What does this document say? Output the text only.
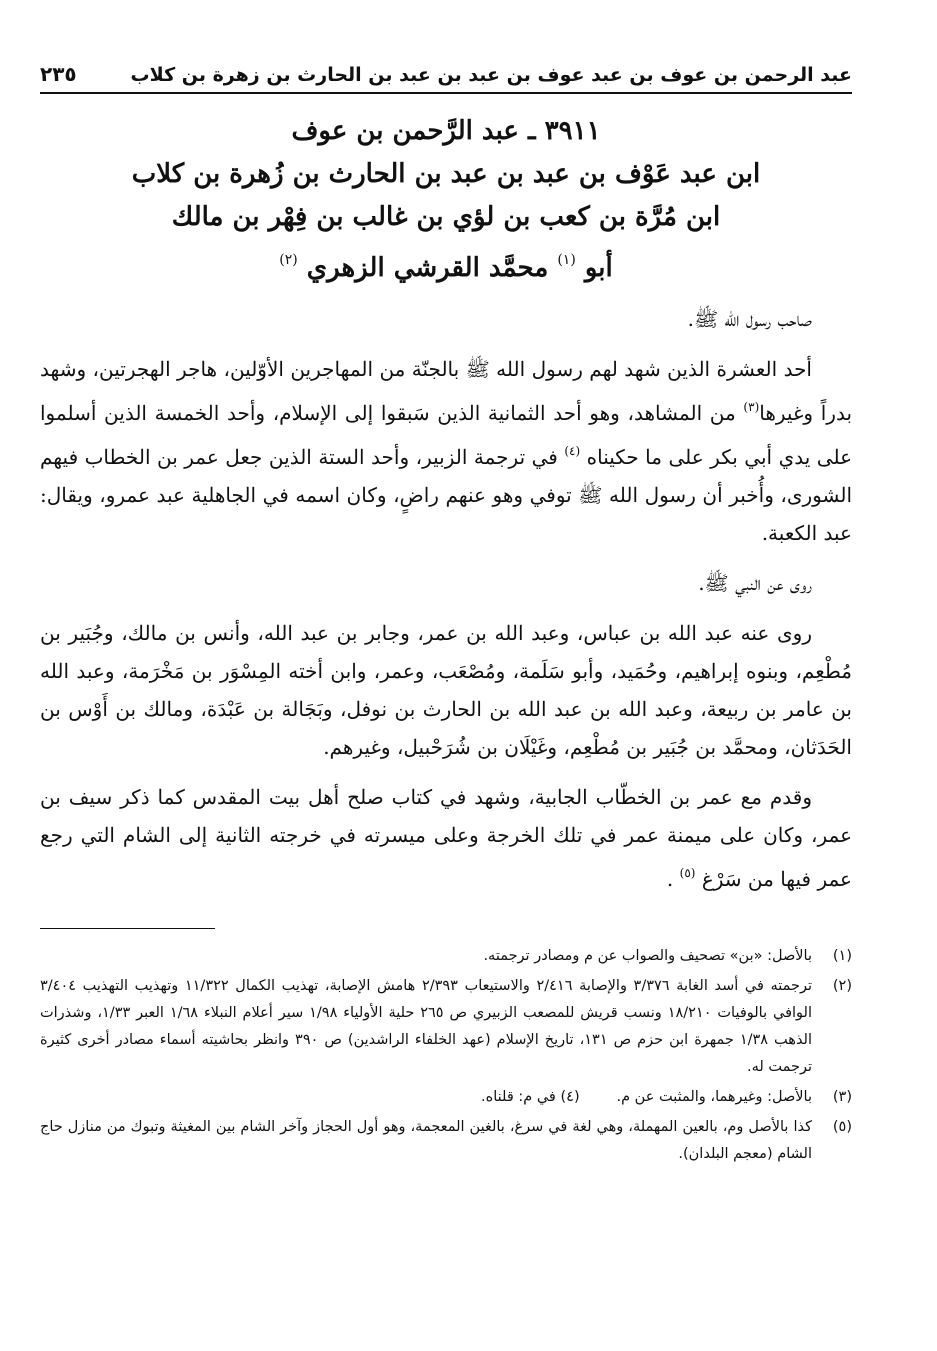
عبد الرحمن بن عوف بن عبد عوف بن عبد بن عبد بن الحارث بن زهرة بن كلاب
٢٣٥
٣٩١١ ـ عبد الرَّحمن بن عوف
ابن عبد عَوْف بن عبد بن عبد بن الحارث بن زُهرة بن كلاب
ابن مُرَّة بن كعب بن لؤي بن غالب بن فِهْر بن مالك
أبو $^{(١)}$ محمَّد القرشي الزهري $^{(٢)}$

صاحب رسول الله ﷺ.

أحد العشرة الذين شهد لهم رسول الله ﷺ بالجنّة من المهاجرين الأوّلين، هاجر الهجرتين، وشهد بدراً وغيرها$^{(٣)}$ من المشاهد، وهو أحد الثمانية الذين سَبقوا إلى الإسلام، وأحد الخمسة الذين أسلموا على يدي أبي بكر على ما حكيناه $^{(٤)}$ في ترجمة الزبير، وأحد الستة الذين جعل عمر بن الخطاب فيهم الشورى، وأُخبر أن رسول الله ﷺ توفي وهو عنهم راضٍ، وكان اسمه في الجاهلية عبد عمرو، ويقال: عبد الكعبة.

روى عن النبي ﷺ.

روى عنه عبد الله بن عباس، وعبد الله بن عمر، وجابر بن عبد الله، وأنس بن مالك، وجُبَير بن مُطْعِم، وبنوه إبراهيم، وحُمَيد، وأبو سَلَمة، ومُصْعَب، وعمر، وابن أخته المِسْوَر بن مَخْرَمة، وعبد الله بن عامر بن ربيعة، وعبد الله بن عبد الله بن الحارث بن نوفل، وبَجَالة بن عَبْدَة، ومالك بن أَوْس بن الحَدَثان، ومحمَّد بن جُبَير بن مُطْعِم، وغَيْلَان بن شُرَحْبيل، وغيرهم.

وقدم مع عمر بن الخطّاب الجابية، وشهد في كتاب صلح أهل بيت المقدس كما ذكر سيف بن عمر، وكان على ميمنة عمر في تلك الخرجة وعلى ميسرته في خرجته الثانية إلى الشام التي رجع عمر فيها من سَرْغ $^{(٥)}$ .

(١)
بالأصل: «بن» تصحيف والصواب عن م ومصادر ترجمته.
(٢)
ترجمته في أسد الغابة ٣/٣٧٦ والإصابة ٢/٤١٦ والاستيعاب ٢/٣٩٣ هامش الإصابة، تهذيب الكمال ١١/٣٢٢ وتهذيب التهذيب ٣/٤٠٤ الوافي بالوفيات ١٨/٢١٠ ونسب قريش للمصعب الزبيري ص ٢٦٥ حلية الأولياء ١/٩٨ سير أعلام النبلاء ١/٦٨ العبر ١/٣٣، وشذرات الذهب ١/٣٨ جمهرة ابن حزم ص ١٣١، تاريخ الإسلام (عهد الخلفاء الراشدين) ص ٣٩٠ وانظر بحاشيته أسماء مصادر أخرى كثيرة ترجمت له.
(٣)
بالأصل: وغيرهما، والمثبت عن م.        (٤) في م: قلناه.
(٥)
كذا بالأصل وم، بالعين المهملة، وهي لغة في سرغ، بالغين المعجمة، وهو أول الحجاز وآخر الشام بين المغيثة وتبوك من منازل حاج الشام (معجم البلدان).
